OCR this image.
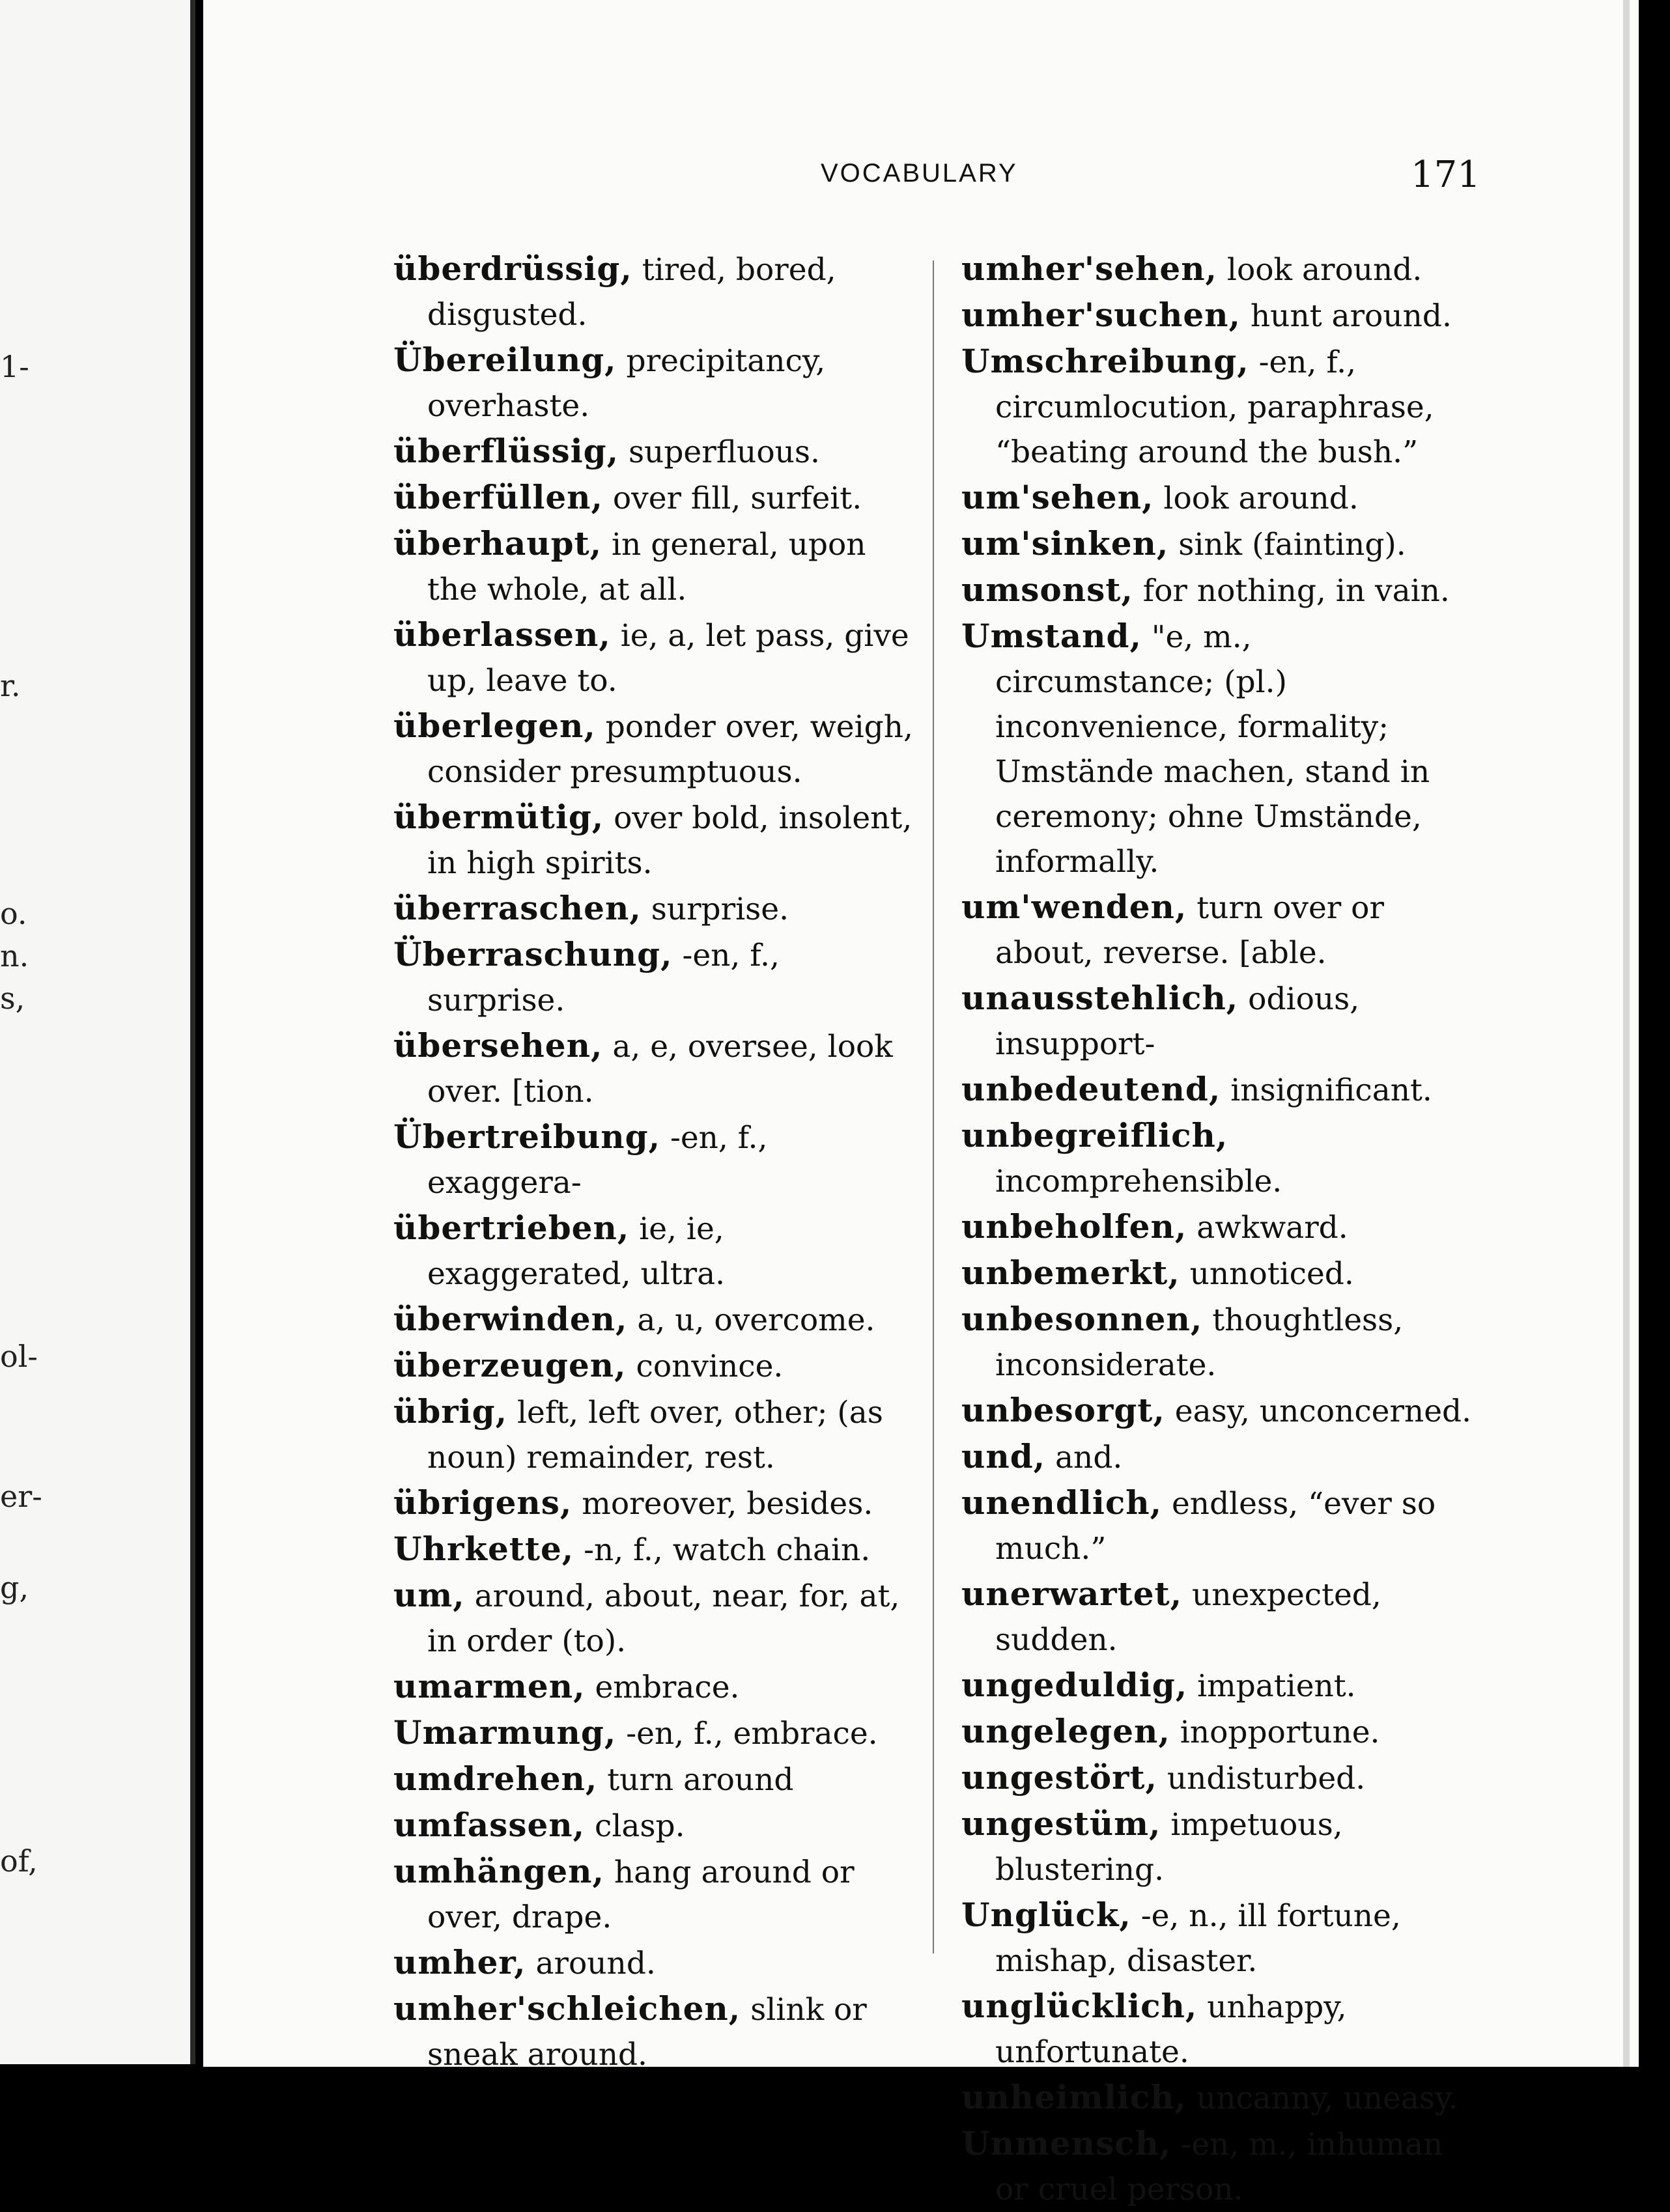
1-
r.
o.
n.
s,
ol-
er-
g,
of,
VOCABULARY	171
überdrüssig, tired, bored, disgusted.
Übereilung, precipitancy, overhaste.
überflüssig, superfluous.
überfüllen, over fill, surfeit.
überhaupt, in general, upon the whole, at all.
überlassen, ie, a, let pass, give up, leave to.
überlegen, ponder over, weigh, consider presumptuous.
übermütig, over bold, insolent, in high spirits.
überraschen, surprise.
Überraschung, -en, f., surprise.
übersehen, a, e, oversee, look over. [tion.
Übertreibung, -en, f., exaggera-
übertrieben, ie, ie, exaggerated, ultra.
überwinden, a, u, overcome.
überzeugen, convince.
übrig, left, left over, other; (as noun) remainder, rest.
übrigens, moreover, besides.
Uhrkette, -n, f., watch chain.
um, around, about, near, for, at, in order (to).
umarmen, embrace.
Umarmung, -en, f., embrace.
umdrehen, turn around
umfassen, clasp.
umhängen, hang around or over, drape.
umher, around.
umher'schleichen, slink or sneak around.
umher'sehen, look around.
umher'suchen, hunt around.
Umschreibung, -en, f., circumlocution, paraphrase, “beating around the bush.”
um'sehen, look around.
um'sinken, sink (fainting).
umsonst, for nothing, in vain.
Umstand, "e, m., circumstance; (pl.) inconvenience, formality; Umstände machen, stand in ceremony; ohne Umstände, informally.
um'wenden, turn over or about, reverse. [able.
unausstehlich, odious, insupport-
unbedeutend, insignificant.
unbegreiflich, incomprehensible.
unbeholfen, awkward.
unbemerkt, unnoticed.
unbesonnen, thoughtless, inconsiderate.
unbesorgt, easy, unconcerned.
und, and.
unendlich, endless, “ever so much.”
unerwartet, unexpected, sudden.
ungeduldig, impatient.
ungelegen, inopportune.
ungestört, undisturbed.
ungestüm, impetuous, blustering.
Unglück, -e, n., ill fortune, mishap, disaster.
unglücklich, unhappy, unfortunate.
unheimlich, uncanny, uneasy.
Unmensch, -en, m., inhuman or cruel person.
